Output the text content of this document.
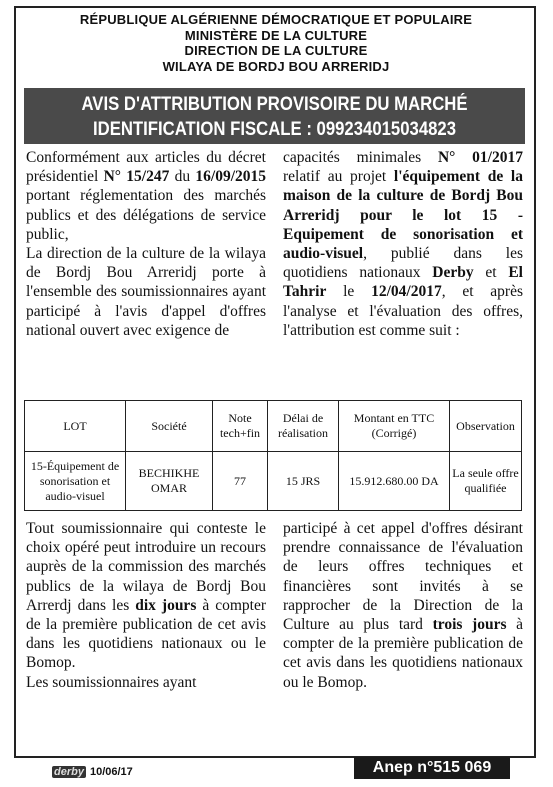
RÉPUBLIQUE ALGÉRIENNE DÉMOCRATIQUE ET POPULAIRE
MINISTÈRE DE LA CULTURE
DIRECTION DE LA CULTURE
WILAYA DE BORDJ BOU ARRERIDJ
AVIS D'ATTRIBUTION PROVISOIRE DU MARCHÉ
IDENTIFICATION FISCALE : 099234015034823

Conformément aux articles du décret présidentiel N° 15/247 du 16/09/2015 portant réglementation des marchés publics et des délégations de service public,

La direction de la culture de la wilaya de Bordj Bou Arreridj porte à l'ensemble des soumissionnaires ayant participé à l'avis d'appel d'offres national ouvert avec exigence de

capacités minimales N° 01/2017 relatif au projet l'équipement de la maison de la culture de Bordj Bou Arreridj pour le lot 15 - Equipement de sonorisation et audio-visuel, publié dans les quotidiens nationaux Derby et El Tahrir le 12/04/2017, et après l'analyse et l'évaluation des offres, l'attribution est comme suit :

LOT	Société	Note tech+fin	Délai de réalisation	Montant en TTC (Corrigé)	Observation
15-Équipement de sonorisation et audio-visuel	BECHIKHE OMAR	77	15 JRS	15.912.680.00 DA	La seule offre qualifiée

Tout soumissionnaire qui conteste le choix opéré peut introduire un recours auprès de la commission des marchés publics de la wilaya de Bordj Bou Arrerdj dans les dix jours à compter de la première publication de cet avis dans les quotidiens nationaux ou le Bomop.

Les soumissionnaires ayant

participé à cet appel d'offres désirant prendre connaissance de l'évaluation de leurs offres techniques et financières sont invités à se rapprocher de la Direction de la Culture au plus tard trois jours à compter de la première publication de cet avis dans les quotidiens nationaux ou le Bomop.

derby 10/06/17	Anep n°515 069
